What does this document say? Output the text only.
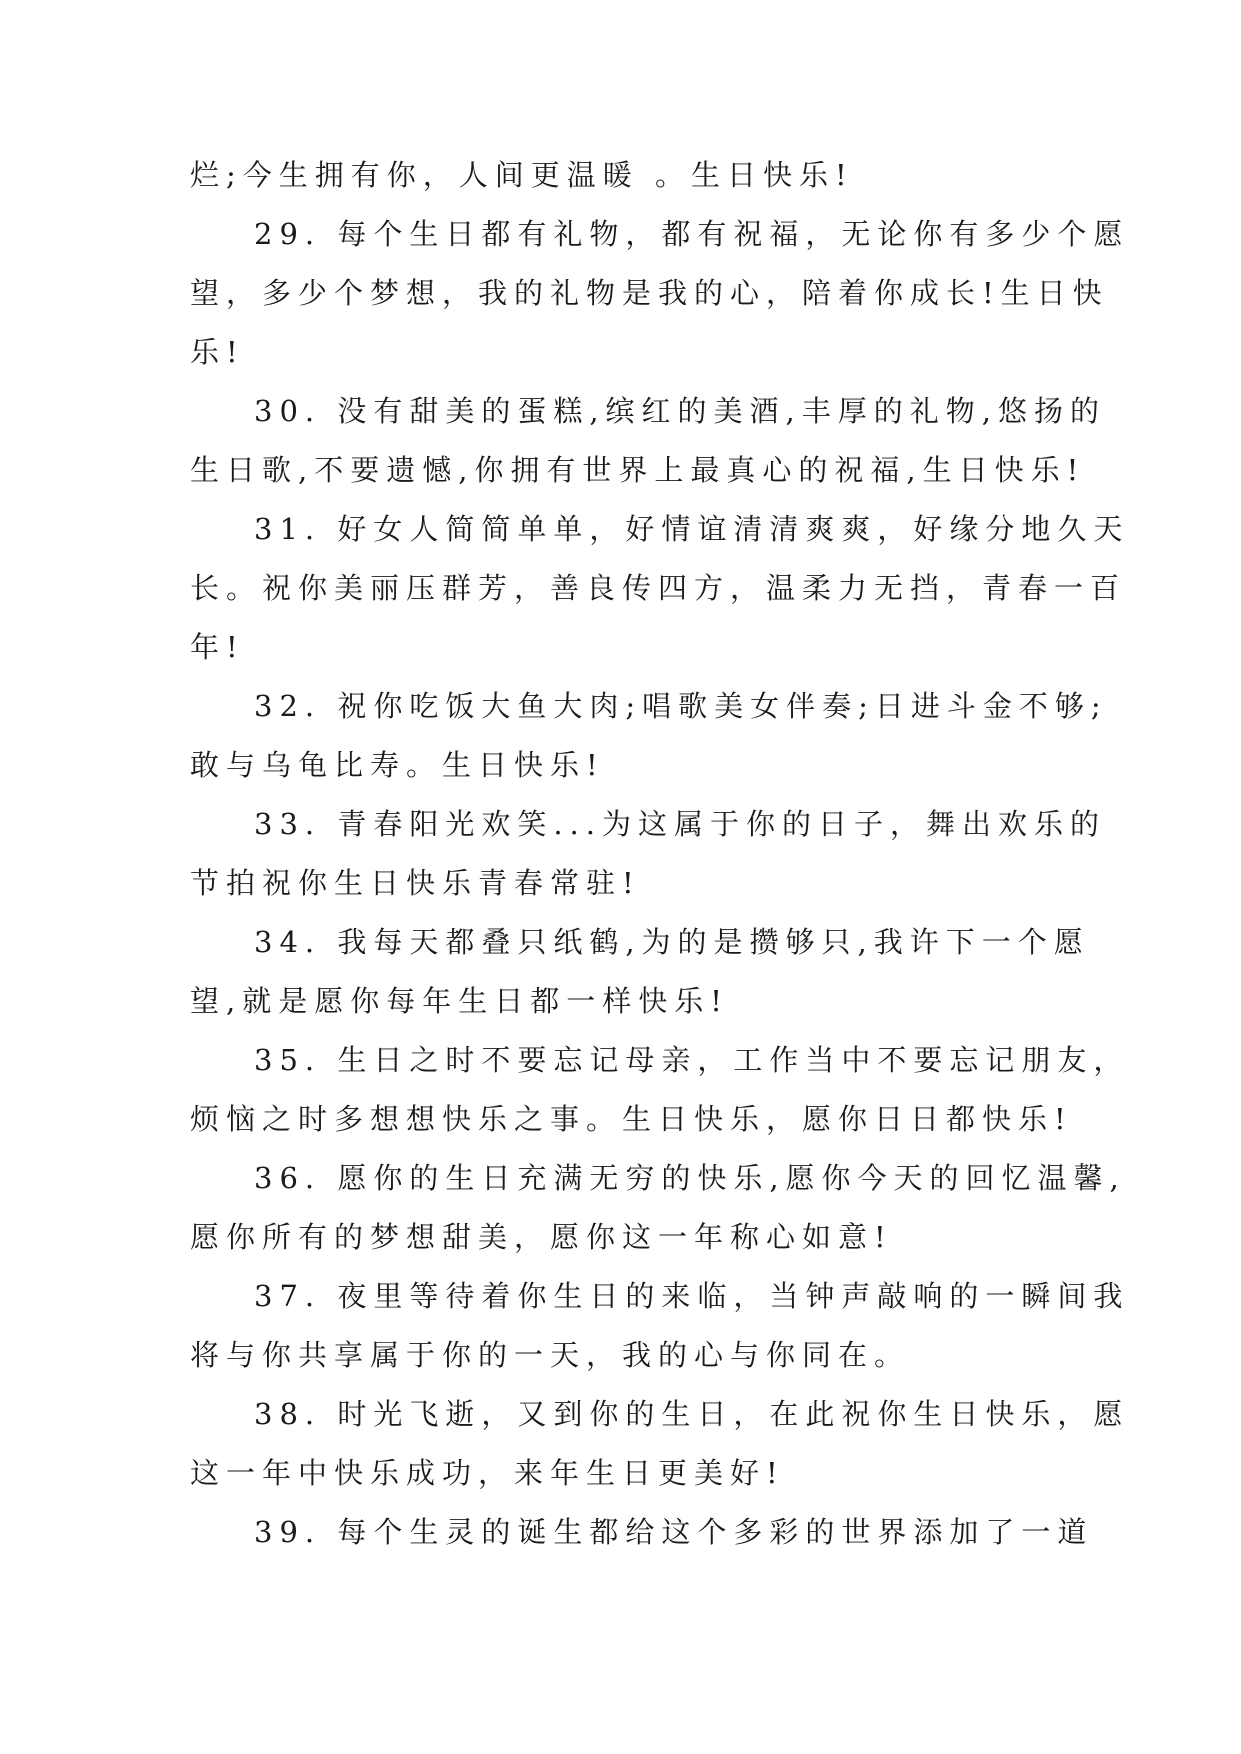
烂;今生拥有你，人间更温暖 。生日快乐!
29. 每个生日都有礼物，都有祝福，无论你有多少个愿
望，多少个梦想，我的礼物是我的心，陪着你成长!生日快
乐!
30. 没有甜美的蛋糕,缤红的美酒,丰厚的礼物,悠扬的
生日歌,不要遗憾,你拥有世界上最真心的祝福,生日快乐!
31. 好女人简简单单，好情谊清清爽爽，好缘分地久天
长。祝你美丽压群芳，善良传四方，温柔力无挡，青春一百
年!
32. 祝你吃饭大鱼大肉;唱歌美女伴奏;日进斗金不够;
敢与乌龟比寿。生日快乐!
33. 青春阳光欢笑...为这属于你的日子，舞出欢乐的
节拍祝你生日快乐青春常驻!
34. 我每天都叠只纸鹤,为的是攒够只,我许下一个愿
望,就是愿你每年生日都一样快乐!
35. 生日之时不要忘记母亲，工作当中不要忘记朋友，
烦恼之时多想想快乐之事。生日快乐，愿你日日都快乐!
36. 愿你的生日充满无穷的快乐,愿你今天的回忆温馨,
愿你所有的梦想甜美，愿你这一年称心如意!
37. 夜里等待着你生日的来临，当钟声敲响的一瞬间我
将与你共享属于你的一天，我的心与你同在。
38. 时光飞逝，又到你的生日，在此祝你生日快乐，愿
这一年中快乐成功，来年生日更美好!
39. 每个生灵的诞生都给这个多彩的世界添加了一道
